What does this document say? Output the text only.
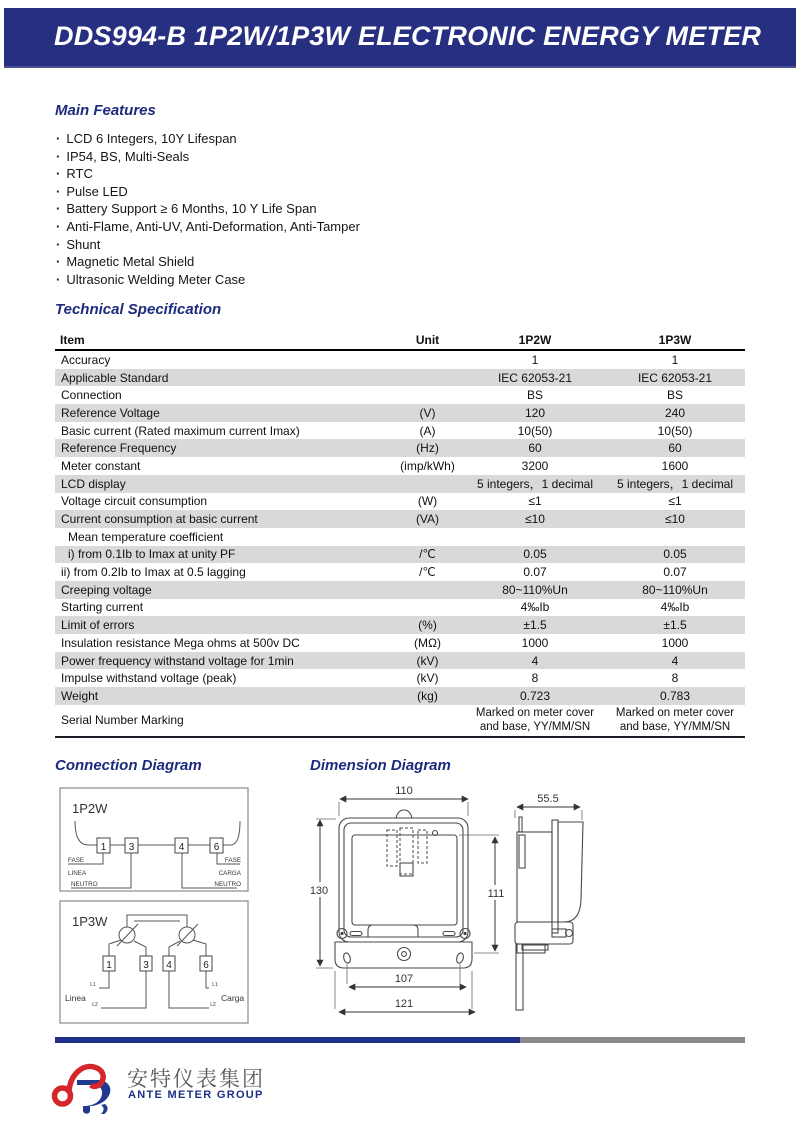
DDS994-B 1P2W/1P3W ELECTRONIC ENERGY METER
Main Features
· LCD 6 Integers, 10Y Lifespan
· IP54, BS, Multi-Seals
· RTC
· Pulse LED
· Battery Support ≥ 6 Months, 10 Y Life Span
· Anti-Flame, Anti-UV, Anti-Deformation, Anti-Tamper
· Shunt
· Magnetic Metal Shield
· Ultrasonic Welding Meter Case
Technical Specification
Item	Unit	1P2W	1P3W
Accuracy		1	1
Applicable Standard		IEC 62053-21	IEC 62053-21
Connection		BS	BS
Reference Voltage	(V)	120	240
Basic current (Rated maximum current Imax)	(A)	10(50)	10(50)
Reference Frequency	(Hz)	60	60
Meter constant	(imp/kWh)	3200	1600
LCD display		5 integers，1 decimal	5 integers，1 decimal
Voltage circuit consumption	(W)	≤1	≤1
Current consumption at basic current	(VA)	≤10	≤10
Mean temperature coefficient			
i) from 0.1Ib to Imax at unity PF	/℃	0.05	0.05
ii) from 0.2Ib to Imax at 0.5 lagging	/℃	0.07	0.07
Creeping voltage		80~110%Un	80~110%Un
Starting current		4‰Ib	4‰Ib
Limit of errors	(%)	±1.5	±1.5
Insulation resistance Mega ohms at 500v DC	(MΩ)	1000	1000
Power frequency withstand voltage for 1min	(kV)	4	4
Impulse withstand voltage (peak)	(kV)	8	8
Weight	(kg)	0.723	0.783
Serial Number Marking		Marked on meter cover and base, YY/MM/SN	Marked on meter cover and base, YY/MM/SN
Connection Diagram	Dimension Diagram
1P2W
1 3	4	6
FASE
LINEA
NEUTRO
FASE
CARGA
NEUTRO
1P3W
1	3 4	6
L1
L2
L1
L2
Linea	Carga
110
130	111
107
121
55.5
安特仪表集团
ANTE METER GROUP
